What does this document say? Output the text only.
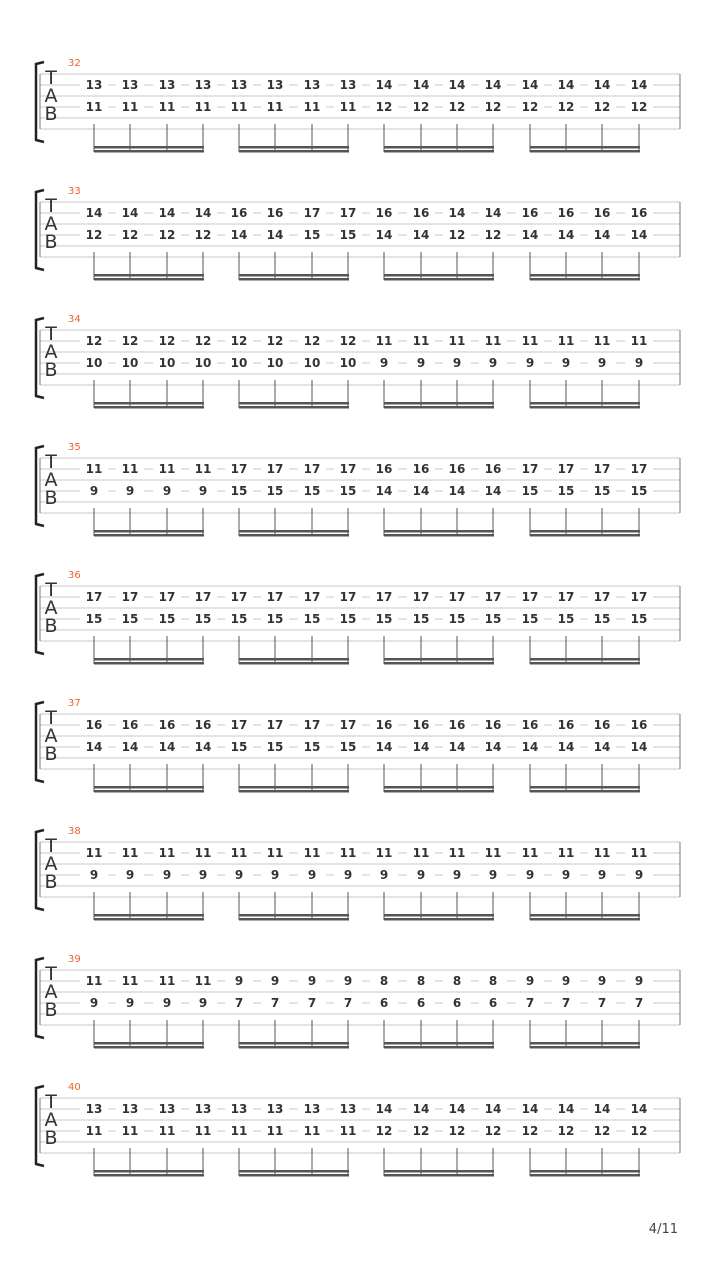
32
T
A
B
13
11
13
11
13
11
13
11
13
11
13
11
13
11
13
11
14
12
14
12
14
12
14
12
14
12
14
12
14
12
14
12
33
T
A
B
14
12
14
12
14
12
14
12
16
14
16
14
17
15
17
15
16
14
16
14
14
12
14
12
16
14
16
14
16
14
16
14
34
T
A
B
12
10
12
10
12
10
12
10
12
10
12
10
12
10
12
10
11
9
11
9
11
9
11
9
11
9
11
9
11
9
11
9
35
T
A
B
11
9
11
9
11
9
11
9
17
15
17
15
17
15
17
15
16
14
16
14
16
14
16
14
17
15
17
15
17
15
17
15
36
T
A
B
17
15
17
15
17
15
17
15
17
15
17
15
17
15
17
15
17
15
17
15
17
15
17
15
17
15
17
15
17
15
17
15
37
T
A
B
16
14
16
14
16
14
16
14
17
15
17
15
17
15
17
15
16
14
16
14
16
14
16
14
16
14
16
14
16
14
16
14
38
T
A
B
11
9
11
9
11
9
11
9
11
9
11
9
11
9
11
9
11
9
11
9
11
9
11
9
11
9
11
9
11
9
11
9
39
T
A
B
11
9
11
9
11
9
11
9
9
7
9
7
9
7
9
7
8
6
8
6
8
6
8
6
9
7
9
7
9
7
9
7
40
T
A
B
13
11
13
11
13
11
13
11
13
11
13
11
13
11
13
11
14
12
14
12
14
12
14
12
14
12
14
12
14
12
14
12
4/11
